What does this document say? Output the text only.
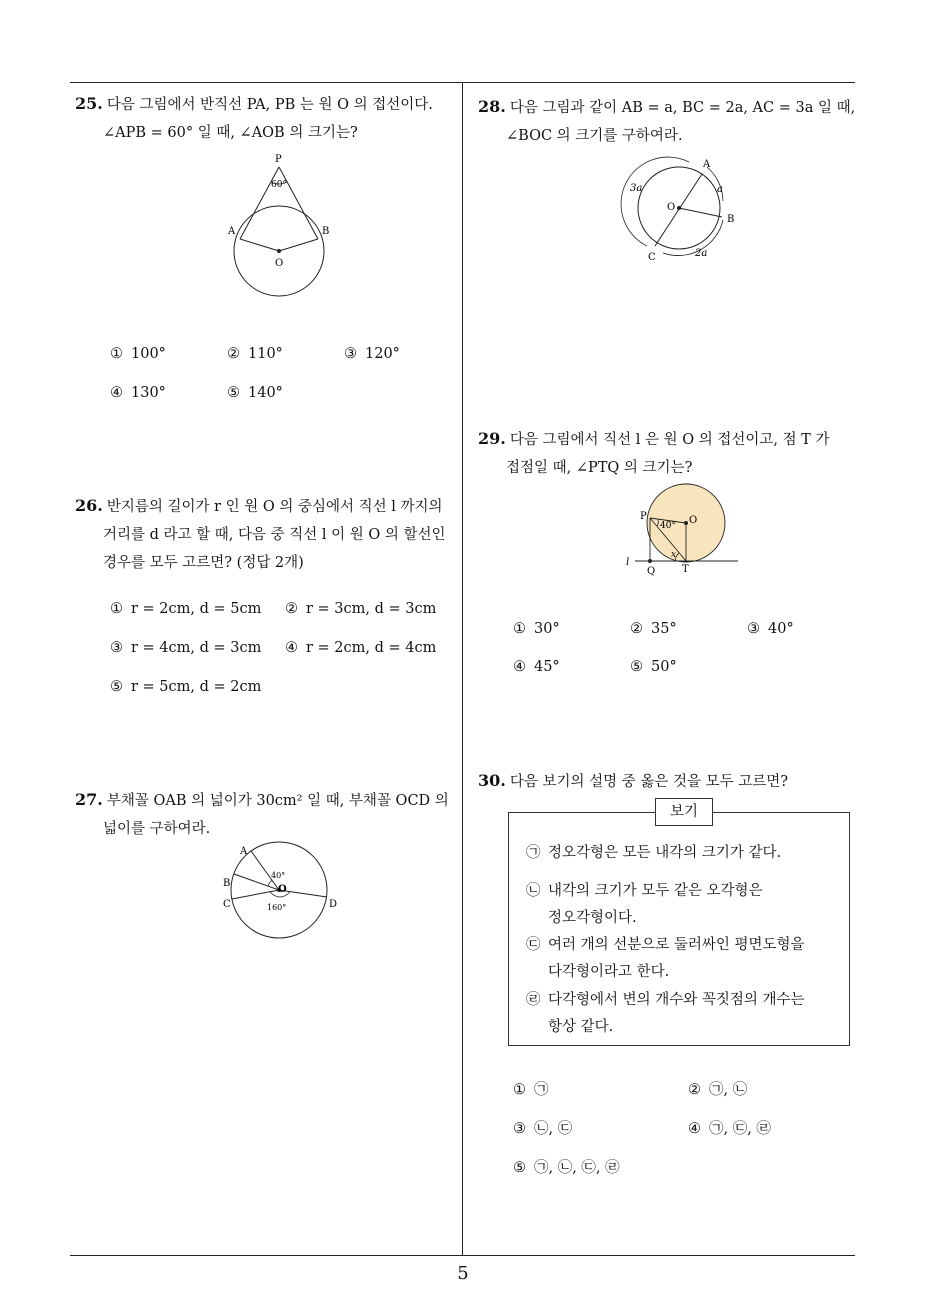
5
25. 다음 그림에서 반직선 PA, PB 는 원 O 의 접선이다.
∠APB = 60° 일 때, ∠AOB 의 크기는?
P
60°
A	B
O
① 100°	② 110°	③ 120°
④ 130°	⑤ 140°
26. 반지름의 길이가 r 인 원 O 의 중심에서 직선 l 까지의
거리를 d 라고 할 때, 다음 중 직선 l 이 원 O 의 할선인
경우를 모두 고르면? (정답 2개)
① r = 2cm, d = 5cm ② r = 3cm, d = 3cm
③ r = 4cm, d = 3cm ④ r = 2cm, d = 4cm
⑤ r = 5cm, d = 2cm
27. 부채꼴 OAB 의 넓이가 30cm² 일 때, 부채꼴 OCD 의
넓이를 구하여라.
A
B
C	D
O
40°
160°
28. 다음 그림과 같이 AB = a, BC = 2a, AC = 3a 일 때,
∠BOC 의 크기를 구하여라.
A
B
C
O
a
3a
2a
29. 다음 그림에서 직선 l 은 원 O 의 접선이고, 점 T 가
접점일 때, ∠PTQ 의 크기는?
P	O
40°
x
l
Q	T
① 30°	② 35°	③ 40°
④ 45°	⑤ 50°
30. 다음 보기의 설명 중 옳은 것을 모두 고르면?
보기
㉠ 정오각형은 모든 내각의 크기가 같다.
㉡ 내각의 크기가 모두 같은 오각형은
정오각형이다.
㉢ 여러 개의 선분으로 둘러싸인 평면도형을
다각형이라고 한다.
㉣ 다각형에서 변의 개수와 꼭짓점의 개수는
항상 같다.
① ㉠	② ㉠, ㉡
③ ㉡, ㉢	④ ㉠, ㉢, ㉣
⑤ ㉠, ㉡, ㉢, ㉣
